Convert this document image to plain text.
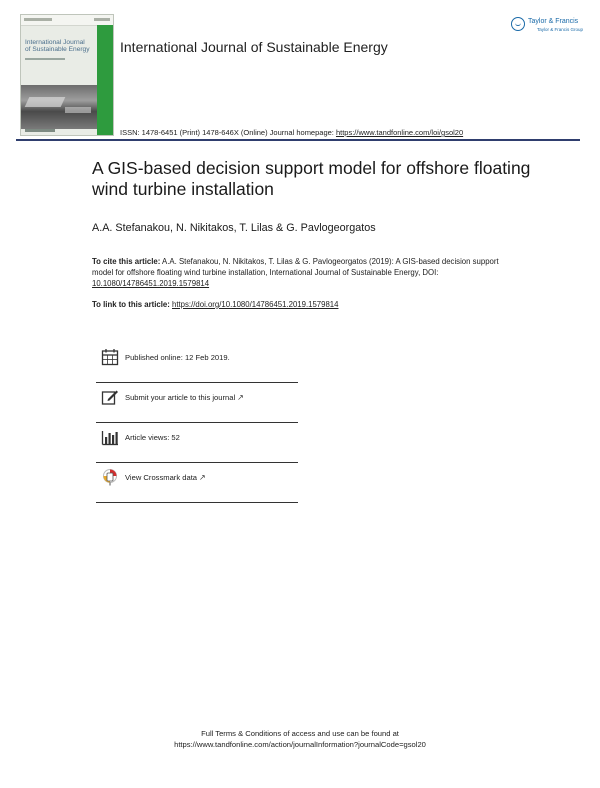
International Journal of Sustainable Energy International Journal of Sustainable Energy
Taylor & Francis
Taylor & Francis Group
ISSN: 1478-6451 (Print) 1478-646X (Online) Journal homepage: https://www.tandfonline.com/loi/gsol20
A GIS-based decision support model for offshore floating wind turbine installation
A.A. Stefanakou, N. Nikitakos, T. Lilas & G. Pavlogeorgatos
To cite this article: A.A. Stefanakou, N. Nikitakos, T. Lilas & G. Pavlogeorgatos (2019): A GIS-based decision support model for offshore floating wind turbine installation, International Journal of Sustainable Energy, DOI: 10.1080/14786451.2019.1579814
To link to this article: https://doi.org/10.1080/14786451.2019.1579814
Published online: 12 Feb 2019.
Submit your article to this journal ↗
Article views: 52
View Crossmark data ↗
Full Terms & Conditions of access and use can be found at
https://www.tandfonline.com/action/journalInformation?journalCode=gsol20
